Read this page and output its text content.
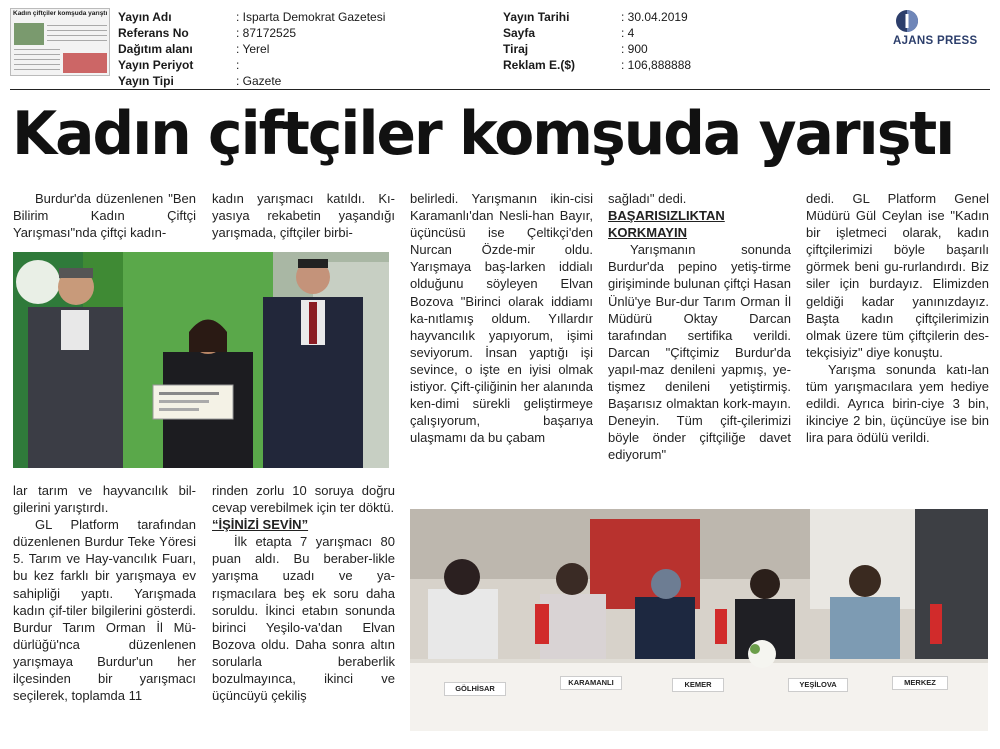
Kadın çiftçiler komşuda yarıştı Yayın Adı	: Isparta Demokrat Gazetesi
Referans No	: 87172525
Dağıtım alanı	: Yerel
Yayın Periyot	:
Yayın Tipi	: Gazete
Yayın Tarihi	: 30.04.2019
Sayfa	: 4
Tiraj	: 900
Reklam E.($)	: 106,888888
AJANS PRESS
Kadın çiftçiler komşuda yarıştı

Burdur'da düzenlenen "Ben Bilirim Kadın Çiftçi Yarışması"nda çiftçi kadın-

lar tarım ve hayvancılık bil-gilerini yarıştırdı.

GL Platform tarafından düzenlenen Burdur Teke Yöresi 5. Tarım ve Hay-vancılık Fuarı, bu kez farklı bir yarışmaya ev sahipliği yaptı. Yarışmada kadın çif-tiler bilgilerini gösterdi. Burdur Tarım Orman İl Mü-dürlüğü'nca düzenlenen yarışmaya Burdur'un her ilçesinden bir yarışmacı seçilerek, toplamda 11

kadın yarışmacı katıldı. Kı-yasıya rekabetin yaşandığı yarışmada, çiftçiler birbi-

rinden zorlu 10 soruya doğru cevap verebilmek için ter döktü.

“İŞİNİZİ SEVİN”

İlk etapta 7 yarışmacı 80 puan aldı. Bu beraber-likle yarışma uzadı ve ya-rışmacılara beş ek soru daha soruldu. İkinci etabın sonunda birinci Yeşilo-va'dan Elvan Bozova oldu. Daha sonra altın sorularla beraberlik bozulmayınca, ikinci ve üçüncüyü çekiliş

belirledi. Yarışmanın ikin-cisi Karamanlı'dan Nesli-han Bayır, üçüncüsü ise Çeltikçi'den Nurcan Özde-mir oldu. Yarışmaya baş-larken iddialı olduğunu söyleyen Elvan Bozova "Birinci olarak iddiamı ka-nıtlamış oldum. Yıllardır hayvancılık yapıyorum, işimi seviyorum. İnsan yaptığı işi sevince, o işte en iyisi olmak istiyor. Çift-çiliğinin her alanında ken-dimi sürekli geliştirmeye çalışıyorum, başarıya ulaşmamı da bu çabam

sağladı" dedi.

BAŞARISIZLIKTAN

KORKMAYIN

Yarışmanın sonunda Burdur'da pepino yetiş-tirme girişiminde bulunan çiftçi Hasan Ünlü'ye Bur-dur Tarım Orman İl Müdürü Oktay Darcan tarafından sertifika verildi. Darcan "Çiftçimiz Burdur'da yapıl-maz denileni yapmış, ye-tişmez denileni yetiştirmiş. Başarısız olmaktan kork-mayın. Deneyin. Tüm çift-çilerimizi böyle önder çiftçiliğe davet ediyorum"

dedi. GL Platform Genel Müdürü Gül Ceylan ise "Kadın bir işletmeci olarak, kadın çiftçilerimizi böyle başarılı görmek beni gu-rurlandırdı. Biz siler için burdayız. Elimizden geldiği kadar yanınızdayız. Başta kadın çiftçilerimizin olmak üzere tüm çiftçilerin des-tekçisiyiz" diye konuştu.

Yarışma sonunda katı-lan tüm yarışmacılara yem hediye edildi. Ayrıca birin-ciye 3 bin, ikinciye 2 bin, üçüncüye ise bin lira para ödülü verildi.

GÖLHİSAR
KARAMANLI	KEMER	YEŞİLOVA	MERKEZ
